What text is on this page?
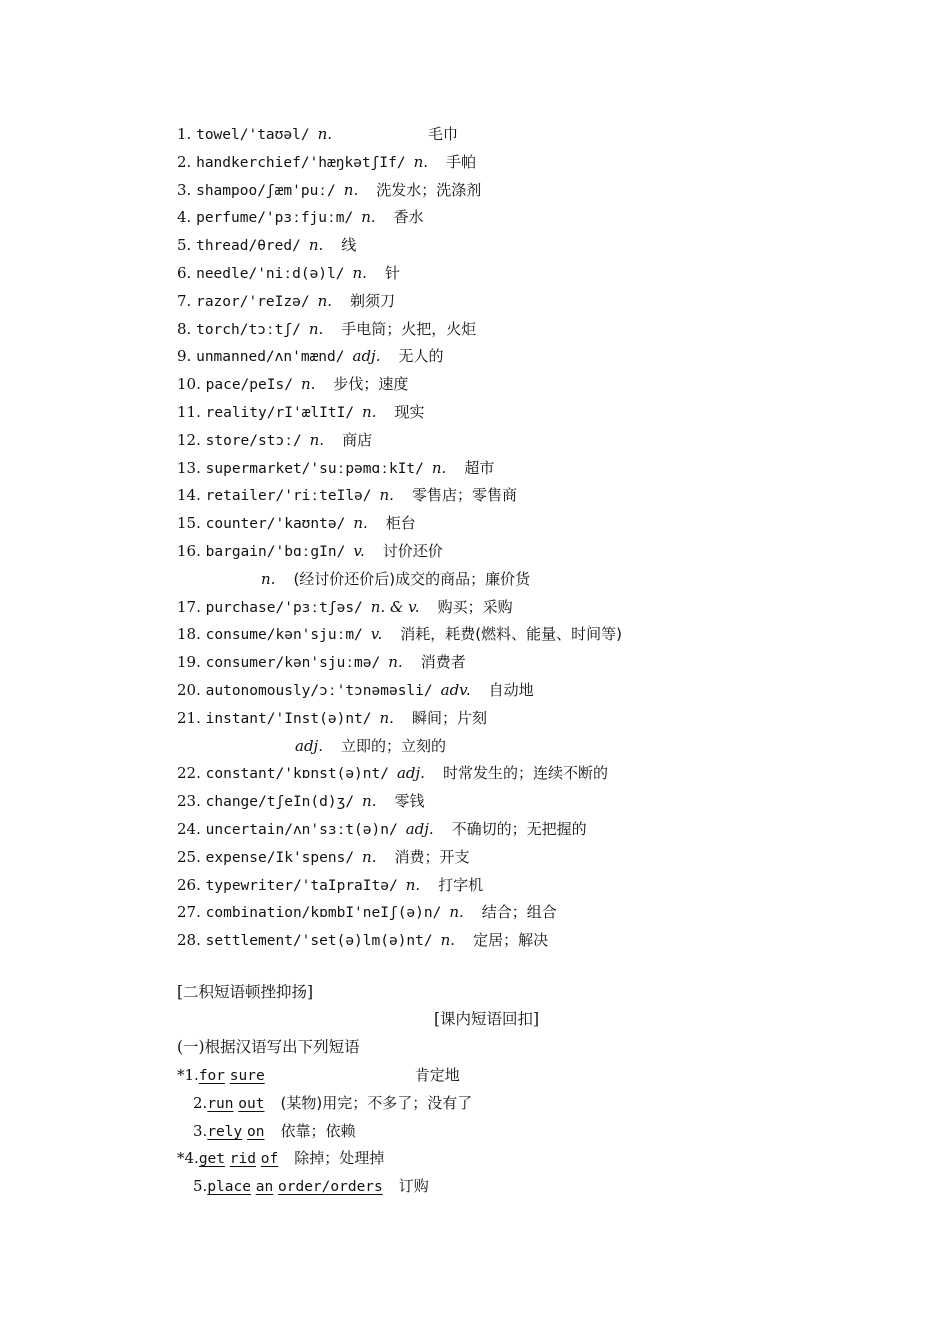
1. towel/'taʊəl/ n.	毛巾
2. handkerchief/'hæŋkətʃIf/ n. 手帕
3. shampoo/ʃæm'puː/ n. 洗发水；洗涤剂
4. perfume/'pɜːfjuːm/ n. 香水
5. thread/θred/ n. 线
6. needle/'niːd(ə)l/ n. 针
7. razor/'reIzə/ n. 剃须刀
8. torch/tɔːtʃ/ n. 手电筒；火把，火炬
9. unmanned/ʌn'mænd/ adj. 无人的
10. pace/peIs/ n. 步伐；速度
11. reality/rI'ælItI/ n. 现实
12. store/stɔː/ n. 商店
13. supermarket/'suːpəmɑːkIt/ n. 超市
14. retailer/'riːteIlə/ n. 零售店；零售商
15. counter/'kaʊntə/ n. 柜台
16. bargain/'bɑːgIn/ v. 讨价还价
n. (经讨价还价后)成交的商品；廉价货
17. purchase/'pɜːtʃəs/ n. & v. 购买；采购
18. consume/kən'sjuːm/ v. 消耗，耗费(燃料、能量、时间等)
19. consumer/kən'sjuːmə/ n. 消费者
20. autonomously/ɔː'tɔnəməsli/ adv. 自动地
21. instant/'Inst(ə)nt/ n. 瞬间；片刻
adj. 立即的；立刻的
22. constant/'kɒnst(ə)nt/ adj. 时常发生的；连续不断的
23. change/tʃeIn(d)ʒ/ n. 零钱
24. uncertain/ʌn'sɜːt(ə)n/ adj. 不确切的；无把握的
25. expense/Ik'spens/ n. 消费；开支
26. typewriter/'taIpraItə/ n. 打字机
27. combination/kɒmbI'neIʃ(ə)n/ n. 结合；组合
28. settlement/'set(ə)lm(ə)nt/ n. 定居；解决
[二积短语顿挫抑扬]
[课内短语回扣]
(一)根据汉语写出下列短语
*1.for sure	肯定地
2.run out (某物)用完；不多了；没有了
3.rely on 依靠；依赖
*4.get rid of 除掉；处理掉
5.place an order/orders 订购
